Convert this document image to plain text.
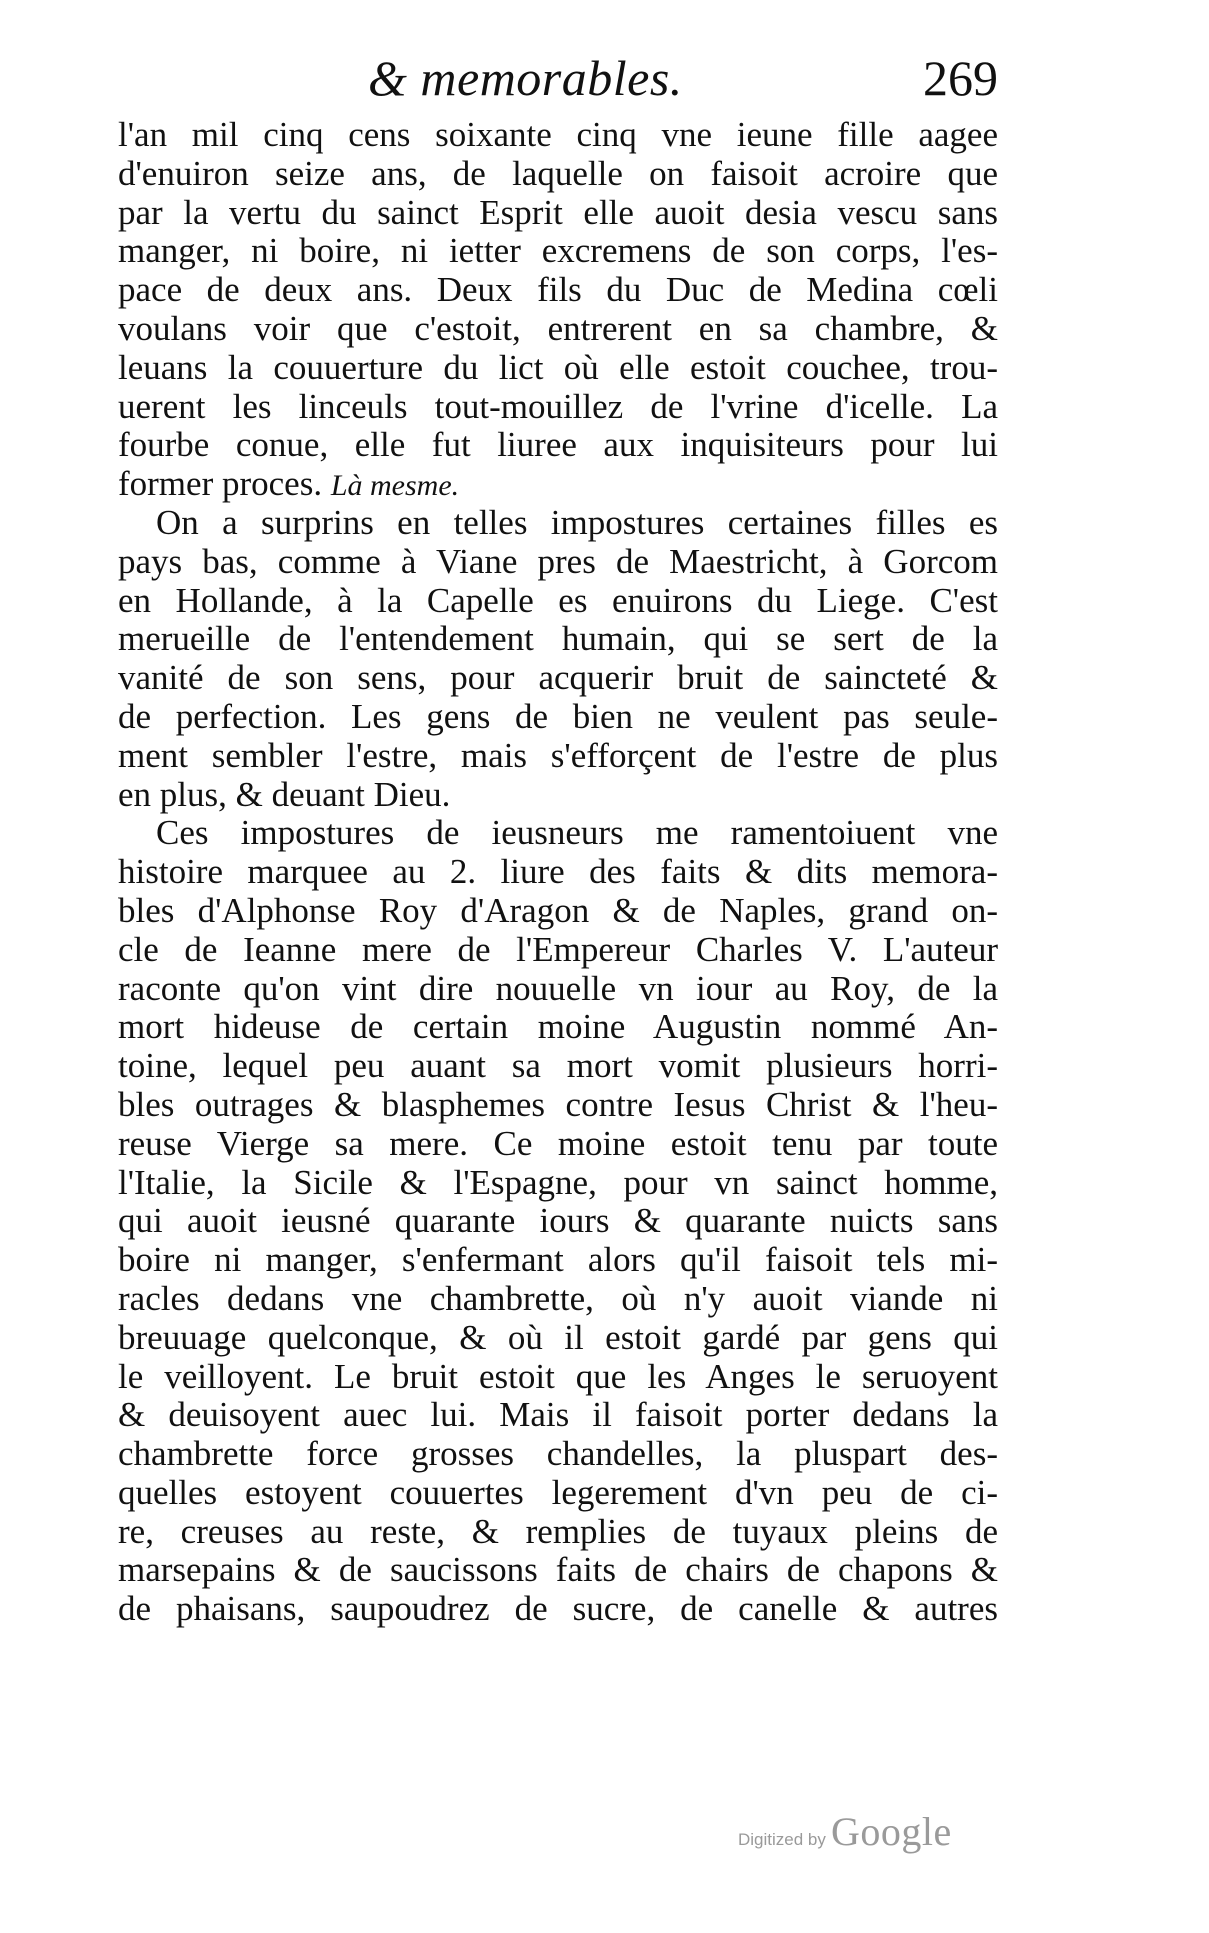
& memorables.	269
l'an mil cinq cens soixante cinq vne ieune fille aagee
d'enuiron seize ans, de laquelle on faisoit acroire que
par la vertu du sainct Esprit elle auoit desia vescu sans
manger, ni boire, ni ietter excremens de son corps, l'es-
pace de deux ans. Deux fils du Duc de Medina cœli
voulans voir que c'estoit, entrerent en sa chambre, &
leuans la couuerture du lict où elle estoit couchee, trou-
uerent les linceuls tout-mouillez de l'vrine d'icelle. La
fourbe conue, elle fut liuree aux inquisiteurs pour lui
former proces. Là mesme.
On a surprins en telles impostures certaines filles es
pays bas, comme à Viane pres de Maestricht, à Gorcom
en Hollande, à la Capelle es enuirons du Liege. C'est
merueille de l'entendement humain, qui se sert de la
vanité de son sens, pour acquerir bruit de saincteté &
de perfection. Les gens de bien ne veulent pas seule-
ment sembler l'estre, mais s'efforçent de l'estre de plus
en plus, & deuant Dieu.
Ces impostures de ieusneurs me ramentoiuent vne
histoire marquee au 2. liure des faits & dits memora-
bles d'Alphonse Roy d'Aragon & de Naples, grand on-
cle de Ieanne mere de l'Empereur Charles V. L'auteur
raconte qu'on vint dire nouuelle vn iour au Roy, de la
mort hideuse de certain moine Augustin nommé An-
toine, lequel peu auant sa mort vomit plusieurs horri-
bles outrages & blasphemes contre Iesus Christ & l'heu-
reuse Vierge sa mere. Ce moine estoit tenu par toute
l'Italie, la Sicile & l'Espagne, pour vn sainct homme,
qui auoit ieusné quarante iours & quarante nuicts sans
boire ni manger, s'enfermant alors qu'il faisoit tels mi-
racles dedans vne chambrette, où n'y auoit viande ni
breuuage quelconque, & où il estoit gardé par gens qui
le veilloyent. Le bruit estoit que les Anges le seruoyent
& deuisoyent auec lui. Mais il faisoit porter dedans la
chambrette force grosses chandelles, la pluspart des-
quelles estoyent couuertes legerement d'vn peu de ci-
re, creuses au reste, & remplies de tuyaux pleins de
marsepains & de saucissons faits de chairs de chapons &
de phaisans, saupoudrez de sucre, de canelle & autres
Digitized by Google
